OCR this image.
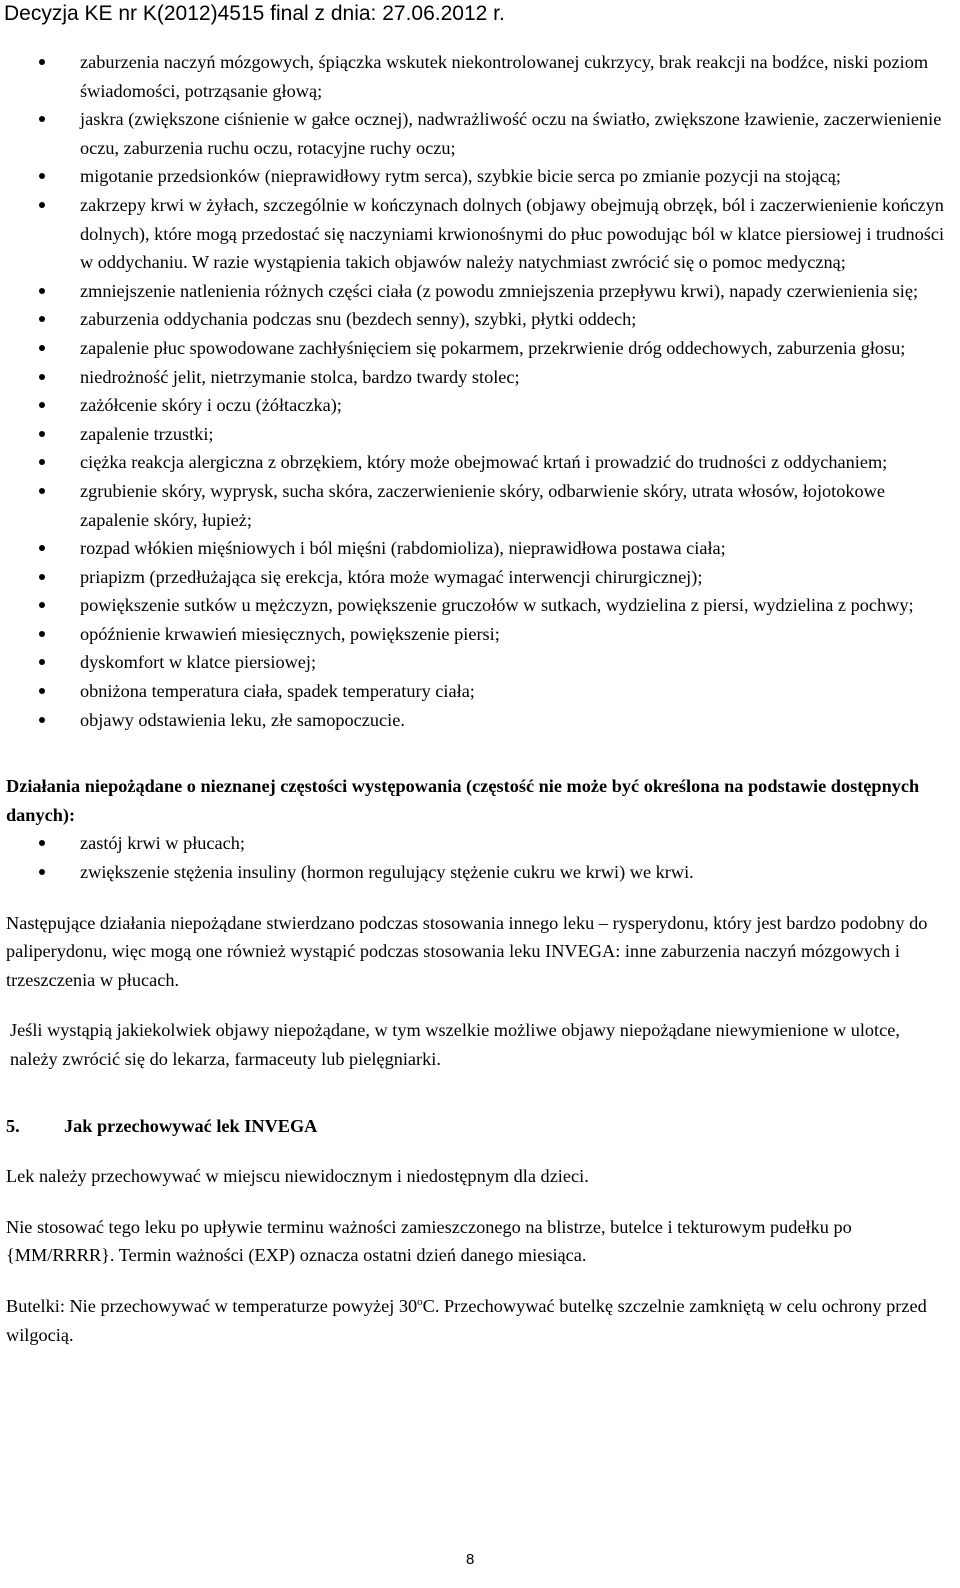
Decyzja KE nr K(2012)4515 final z dnia: 27.06.2012 r.
zaburzenia naczyń mózgowych, śpiączka wskutek niekontrolowanej cukrzycy, brak reakcji na bodźce, niski poziom świadomości, potrząsanie głową;
jaskra (zwiększone ciśnienie w gałce ocznej), nadwrażliwość oczu na światło, zwiększone łzawienie, zaczerwienienie oczu, zaburzenia ruchu oczu, rotacyjne ruchy oczu;
migotanie przedsionków (nieprawidłowy rytm serca), szybkie bicie serca po zmianie pozycji na stojącą;
zakrzepy krwi w żyłach, szczególnie w kończynach dolnych (objawy obejmują obrzęk, ból i zaczerwienienie kończyn dolnych), które mogą przedostać się naczyniami krwionośnymi do płuc powodując ból w klatce piersiowej i trudności w oddychaniu. W razie wystąpienia takich objawów należy natychmiast zwrócić się o pomoc medyczną;
zmniejszenie natlenienia różnych części ciała (z powodu zmniejszenia przepływu krwi), napady czerwienienia się;
zaburzenia oddychania podczas snu (bezdech senny), szybki, płytki oddech;
zapalenie płuc spowodowane zachłyśnięciem się pokarmem, przekrwienie dróg oddechowych, zaburzenia głosu;
niedrożność jelit, nietrzymanie stolca, bardzo twardy stolec;
zażółcenie skóry i oczu (żółtaczka);
zapalenie trzustki;
ciężka reakcja alergiczna z obrzękiem, który może obejmować krtań i prowadzić do trudności z oddychaniem;
zgrubienie skóry, wyprysk, sucha skóra, zaczerwienienie skóry, odbarwienie skóry, utrata włosów, łojotokowe zapalenie skóry, łupież;
rozpad włókien mięśniowych i ból mięśni (rabdomioliza), nieprawidłowa postawa ciała;
priapizm (przedłużająca się erekcja, która może wymagać interwencji chirurgicznej);
powiększenie sutków u mężczyzn, powiększenie gruczołów w sutkach, wydzielina z piersi, wydzielina z pochwy;
opóźnienie krwawień miesięcznych, powiększenie piersi;
dyskomfort w klatce piersiowej;
obniżona temperatura ciała, spadek temperatury ciała;
objawy odstawienia leku, złe samopoczucie.

Działania niepożądane o nieznanej częstości występowania (częstość nie może być określona na podstawie dostępnych danych):

zastój krwi w płucach;
zwiększenie stężenia insuliny (hormon regulujący stężenie cukru we krwi) we krwi.

Następujące działania niepożądane stwierdzano podczas stosowania innego leku – rysperydonu, który jest bardzo podobny do paliperydonu, więc mogą one również wystąpić podczas stosowania leku INVEGA: inne zaburzenia naczyń mózgowych i trzeszczenia w płucach.

Jeśli wystąpią jakiekolwiek objawy niepożądane, w tym wszelkie możliwe objawy niepożądane niewymienione w ulotce, należy zwrócić się do lekarza, farmaceuty lub pielęgniarki.

5. Jak przechowywać lek INVEGA

Lek należy przechowywać w miejscu niewidocznym i niedostępnym dla dzieci.

Nie stosować tego leku po upływie terminu ważności zamieszczonego na blistrze, butelce i tekturowym pudełku po {MM/RRRR}. Termin ważności (EXP) oznacza ostatni dzień danego miesiąca.

Butelki: Nie przechowywać w temperaturze powyżej 30$^o$C. Przechowywać butelkę szczelnie zamkniętą w celu ochrony przed wilgocią.

8
